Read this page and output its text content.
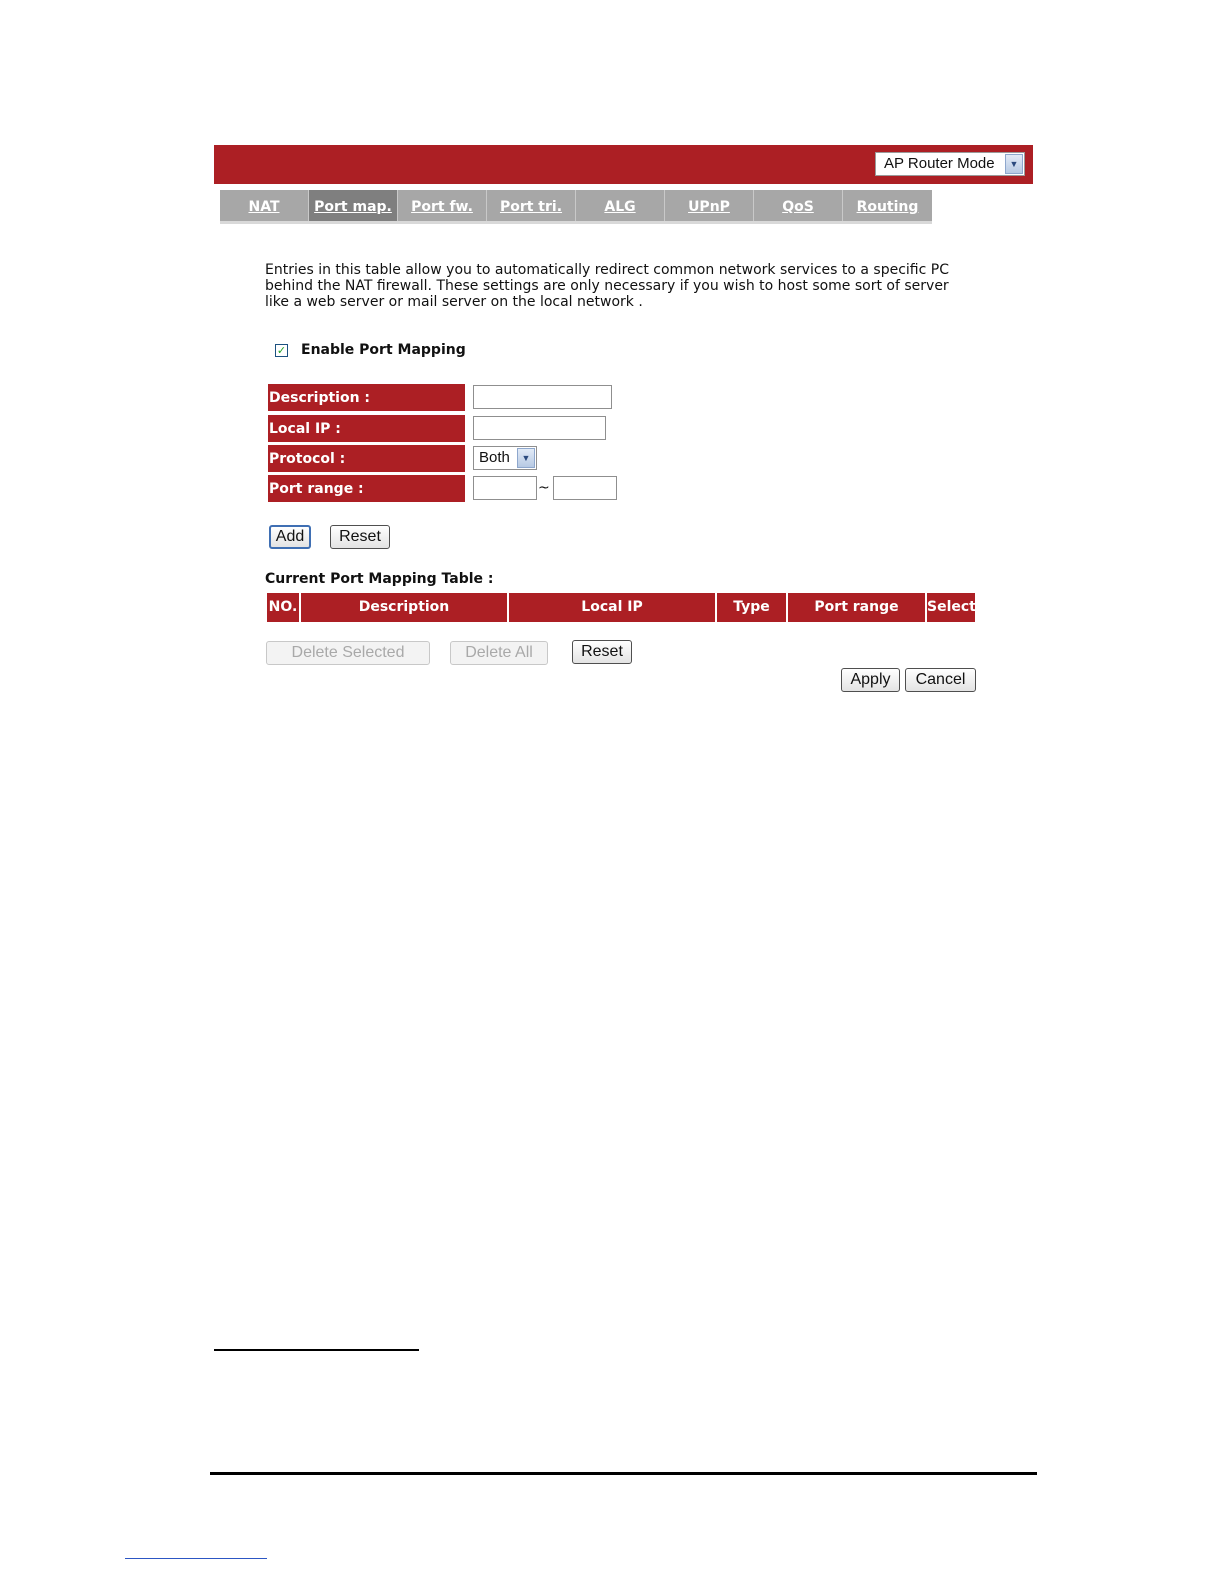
AP Router Mode	▼
NAT	Port map.	Port fw.	Port tri.	ALG	UPnP	QoS	Routing
Entries in this table allow you to automatically redirect common network services to a specific PC
behind the NAT firewall. These settings are only necessary if you wish to host some sort of server
like a web server or mail server on the local network .
✓ Enable Port Mapping
Description :
Local IP :
Protocol :	Both	▼
Port range :	~
Add	Reset
Current Port Mapping Table :
NO.	Description	Local IP	Type	Port range	Select
Delete Selected	Delete All	Reset
Apply	Cancel
